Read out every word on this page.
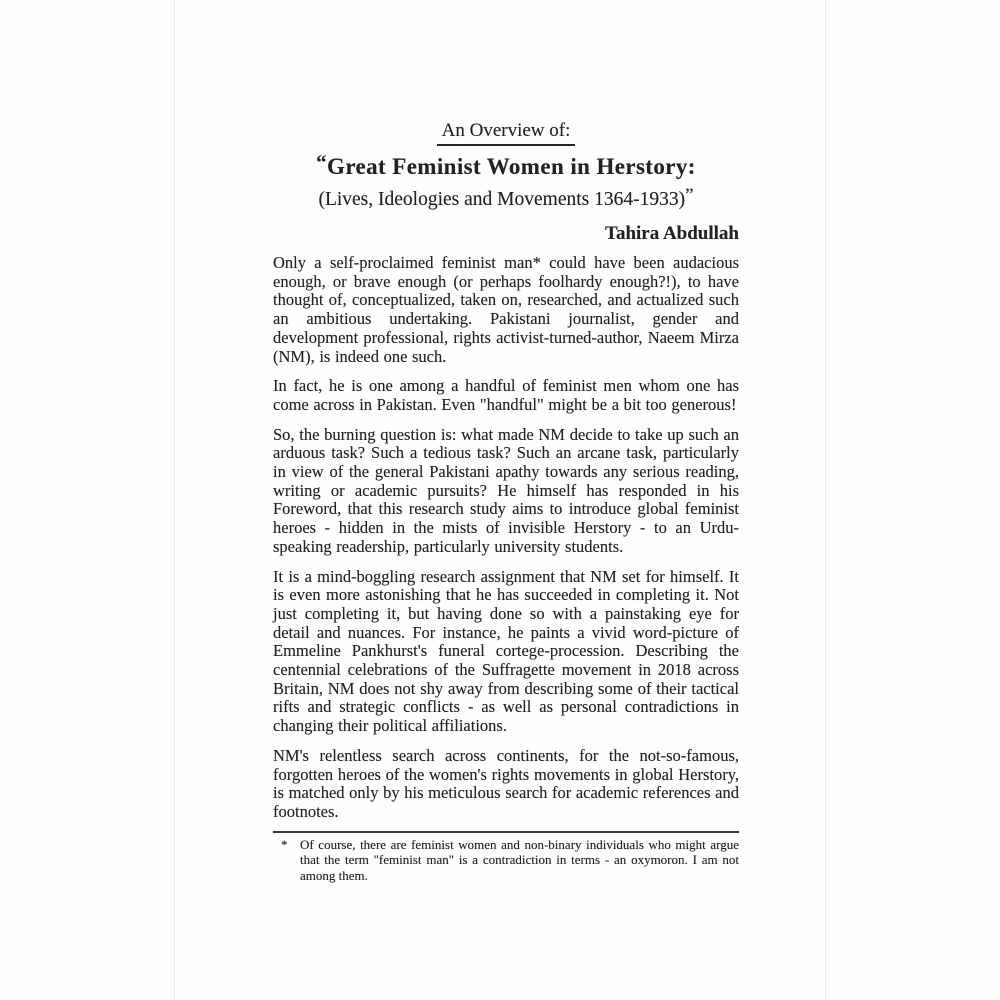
An Overview of:
“Great Feminist Women in Herstory:
(Lives, Ideologies and Movements 1364-1933)”
Tahira Abdullah

Only a self-proclaimed feminist man* could have been audacious enough, or brave enough (or perhaps foolhardy enough?!), to have thought of, conceptualized, taken on, researched, and actualized such an ambitious undertaking. Pakistani journalist, gender and development professional, rights activist-turned-author, Naeem Mirza (NM), is indeed one such.

In fact, he is one among a handful of feminist men whom one has come across in Pakistan. Even "handful" might be a bit too generous!

So, the burning question is: what made NM decide to take up such an arduous task? Such a tedious task? Such an arcane task, particularly in view of the general Pakistani apathy towards any serious reading, writing or academic pursuits? He himself has responded in his Foreword, that this research study aims to introduce global feminist heroes - hidden in the mists of invisible Herstory - to an Urdu-speaking readership, particularly university students.

It is a mind-boggling research assignment that NM set for himself. It is even more astonishing that he has succeeded in completing it. Not just completing it, but having done so with a painstaking eye for detail and nuances. For instance, he paints a vivid word-picture of Emmeline Pankhurst's funeral cortege-procession. Describing the centennial celebrations of the Suffragette movement in 2018 across Britain, NM does not shy away from describing some of their tactical rifts and strategic conflicts - as well as personal contradictions in changing their political affiliations.

NM's relentless search across continents, for the not-so-famous, forgotten heroes of the women's rights movements in global Herstory, is matched only by his meticulous search for academic references and footnotes.

* Of course, there are feminist women and non-binary individuals who might argue that the term "feminist man" is a contradiction in terms - an oxymoron. I am not among them.
